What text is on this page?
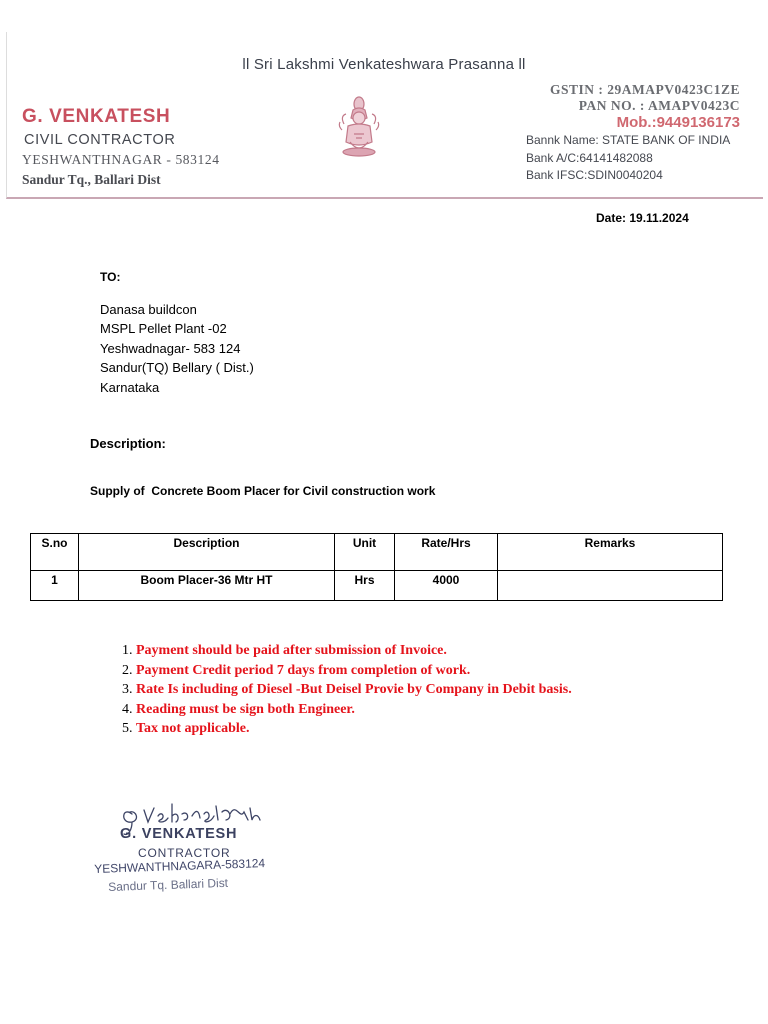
ll Sri Lakshmi Venkateshwara Prasanna ll
G. VENKATESH
CIVIL CONTRACTOR
YESHWANTHNAGAR - 583124
Sandur Tq., Ballari Dist
GSTIN : 29AMAPV0423C1ZE
PAN NO. : AMAPV0423C
Mob.:9449136173
Bannk Name: STATE BANK OF INDIA
Bank A/C:64141482088
Bank IFSC:SDIN0040204
Date: 19.11.2024
TO:
Danasa buildcon
MSPL Pellet Plant -02
Yeshwadnagar- 583 124
Sandur(TQ) Bellary ( Dist.)
Karnataka
Description:
Supply of  Concrete Boom Placer for Civil construction work
S.no	Description	Unit	Rate/Hrs	Remarks
1	Boom Placer-36 Mtr HT	Hrs	4000	
1. Payment should be paid after submission of Invoice.
2. Payment Credit period 7 days from completion of work.
3. Rate Is including of Diesel -But Deisel Provie by Company in Debit basis.
4. Reading must be sign both Engineer.
5. Tax not applicable.
G. VENKATESH
CONTRACTOR
YESHWANTHNAGARA-583124
Sandur Tq. Ballari Dist
